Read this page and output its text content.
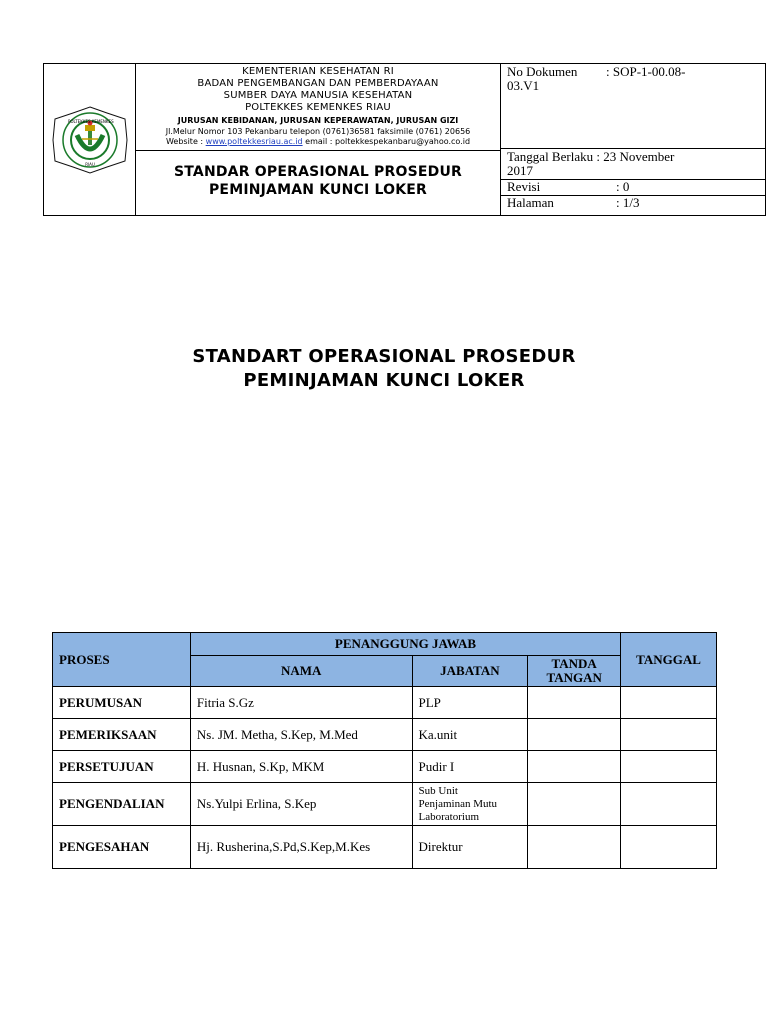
POLTEKKES KEMENKES
RIAU
KEMENTERIAN KESEHATAN RI
BADAN PENGEMBANGAN DAN PEMBERDAYAAN
SUMBER DAYA MANUSIA KESEHATAN
POLTEKKES KEMENKES RIAU
JURUSAN KEBIDANAN, JURUSAN KEPERAWATAN, JURUSAN GIZI
Jl.Melur Nomor 103 Pekanbaru telepon (0761)36581 faksimile (0761) 20656
Website : www.poltekkesriau.ac.id email : poltekkespekanbaru@yahoo.co.id
STANDAR OPERASIONAL PROSEDUR
PEMINJAMAN KUNCI LOKER
No Dokumen : SOP-1-00.08-
03.V1
Tanggal Berlaku : 23 November
2017
Revisi	: 0
Halaman	: 1/3
STANDART OPERASIONAL PROSEDUR
PEMINJAMAN KUNCI LOKER
PROSES	PENANGGUNG JAWAB			TANGGAL
	NAMA	JABATAN	TANDA
TANGAN	

PERUMUSAN	Fitria S.Gz	PLP		
PEMERIKSAAN	Ns. JM. Metha, S.Kep, M.Med	Ka.unit		
PERSETUJUAN	H. Husnan, S.Kp, MKM	Pudir I		
PENGENDALIAN	Ns.Yulpi Erlina, S.Kep	Sub Unit
Penjaminan Mutu
Laboratorium		

PENGESAHAN	Hj. Rusherina,S.Pd,S.Kep,M.Kes	Direktur		
